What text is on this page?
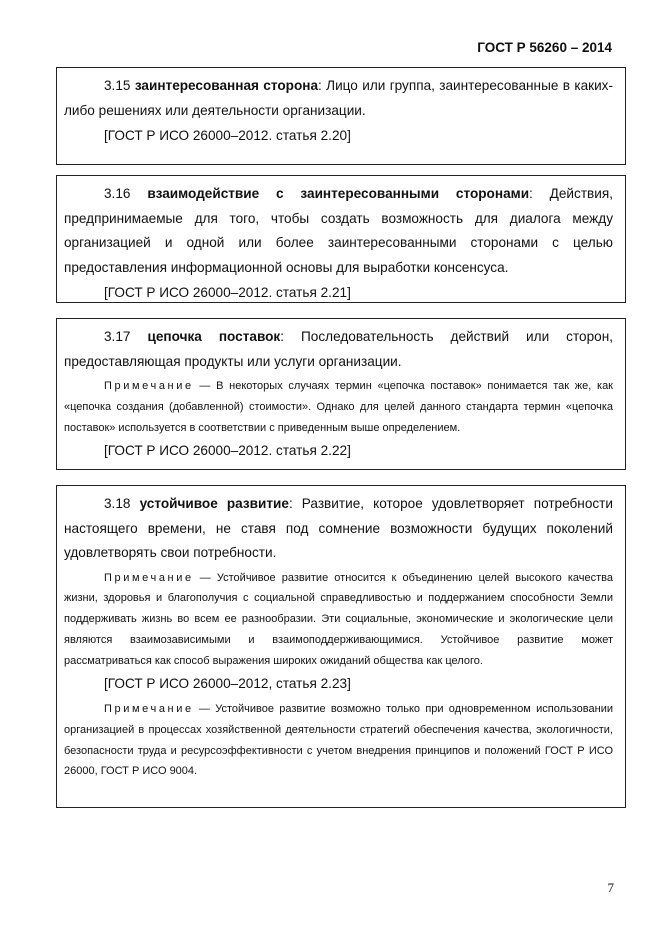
ГОСТ Р 56260 – 2014

3.15 заинтересованная сторона: Лицо или группа, заинтересованные в каких-либо решениях или деятельности организации.

[ГОСТ Р ИСО 26000–2012. статья 2.20]

3.16 взаимодействие с заинтересованными сторонами: Действия, предпринимаемые для того, чтобы создать возможность для диалога между организацией и одной или более заинтересованными сторонами с целью предоставления информационной основы для выработки консенсуса.

[ГОСТ Р ИСО 26000–2012. статья 2.21]

3.17 цепочка поставок: Последовательность действий или сторон, предоставляющая продукты или услуги организации.

Примечание — В некоторых случаях термин «цепочка поставок» понимается так же, как «цепочка создания (добавленной) стоимости». Однако для целей данного стандарта термин «цепочка поставок» используется в соответствии с приведенным выше определением.

[ГОСТ Р ИСО 26000–2012. статья 2.22]

3.18 устойчивое развитие: Развитие, которое удовлетворяет потребности настоящего времени, не ставя под сомнение возможности будущих поколений удовлетворять свои потребности.

Примечание — Устойчивое развитие относится к объединению целей высокого качества жизни, здоровья и благополучия с социальной справедливостью и поддержанием способности Земли поддерживать жизнь во всем ее разнообразии. Эти социальные, экономические и экологические цели являются взаимозависимыми и взаимоподдерживающимися. Устойчивое развитие может рассматриваться как способ выражения широких ожиданий общества как целого.

[ГОСТ Р ИСО 26000–2012, статья 2.23]

Примечание — Устойчивое развитие возможно только при одновременном использовании организацией в процессах хозяйственной деятельности стратегий обеспечения качества, экологичности, безопасности труда и ресурсоэффективности с учетом внедрения принципов и положений ГОСТ Р ИСО 26000, ГОСТ Р ИСО 9004.

7
